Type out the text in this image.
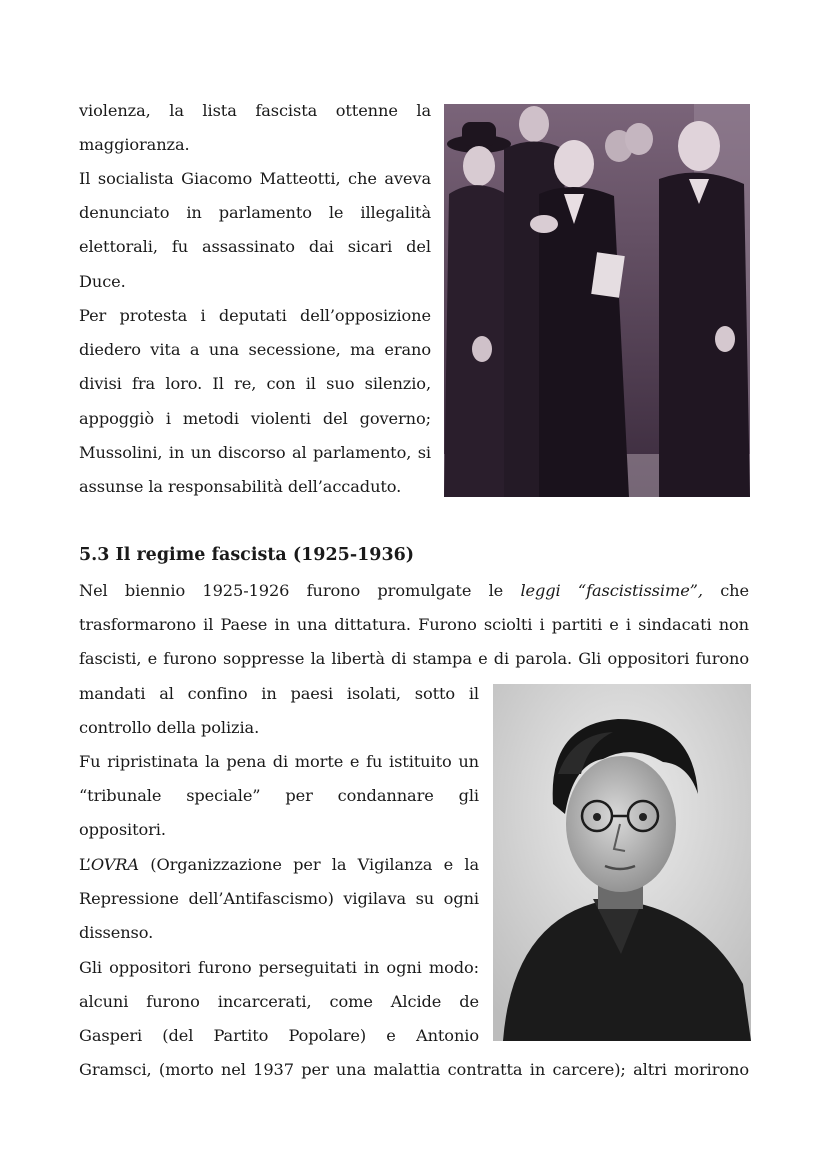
violenza, la lista fascista ottenne la
maggioranza.
Il socialista Giacomo Matteotti, che aveva
denunciato in parlamento le illegalità
elettorali, fu assassinato dai sicari del
Duce.
Per protesta i deputati dell’opposizione
diedero vita a una secessione, ma erano
divisi fra loro. Il re, con il suo silenzio,
appoggiò i metodi violenti del governo;
Mussolini, in un discorso al parlamento, si
assunse la responsabilità dell’accaduto.
5.3 Il regime fascista (1925-1936)
Nel biennio 1925-1926 furono promulgate le leggi “fascistissime”, che
trasformarono il Paese in una dittatura. Furono sciolti i partiti e i sindacati non
fascisti, e furono soppresse la libertà di stampa e di parola. Gli oppositori furono
mandati al confino in paesi isolati, sotto il
controllo della polizia.
Fu ripristinata la pena di morte e fu istituito un
“tribunale speciale” per condannare gli
oppositori.
L’OVRA (Organizzazione per la Vigilanza e la
Repressione dell’Antifascismo) vigilava su ogni
dissenso.
Gli oppositori furono perseguitati in ogni modo:
alcuni furono incarcerati, come Alcide de
Gasperi (del Partito Popolare) e Antonio
Gramsci, (morto nel 1937 per una malattia contratta in carcere); altri morirono
